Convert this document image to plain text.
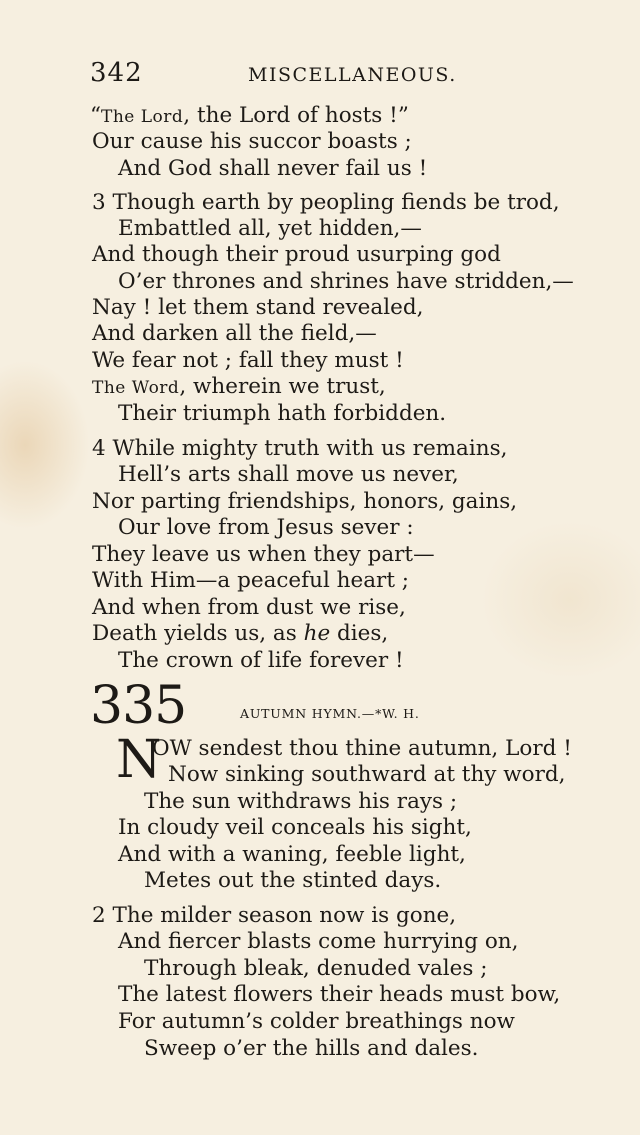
342	MISCELLANEOUS.
“The Lord, the Lord of hosts !”
Our cause his succor boasts ;
And God shall never fail us !
3 Though earth by peopling fiends be trod,
Embattled all, yet hidden,—
And though their proud usurping god
O’er thrones and shrines have stridden,—
Nay ! let them stand revealed,
And darken all the field,—
We fear not ; fall they must !
The Word, wherein we trust,
Their triumph hath forbidden.
4 While mighty truth with us remains,
Hell’s arts shall move us never,
Nor parting friendships, honors, gains,
Our love from Jesus sever :
They leave us when they part—
With Him—a peaceful heart ;
And when from dust we rise,
Death yields us, as he dies,
The crown of life forever !
335	AUTUMN HYMN.—*W. H.
N
OW sendest thou thine autumn, Lord !
Now sinking southward at thy word,
The sun withdraws his rays ;
In cloudy veil conceals his sight,
And with a waning, feeble light,
Metes out the stinted days.
2 The milder season now is gone,
And fiercer blasts come hurrying on,
Through bleak, denuded vales ;
The latest flowers their heads must bow,
For autumn’s colder breathings now
Sweep o’er the hills and dales.
